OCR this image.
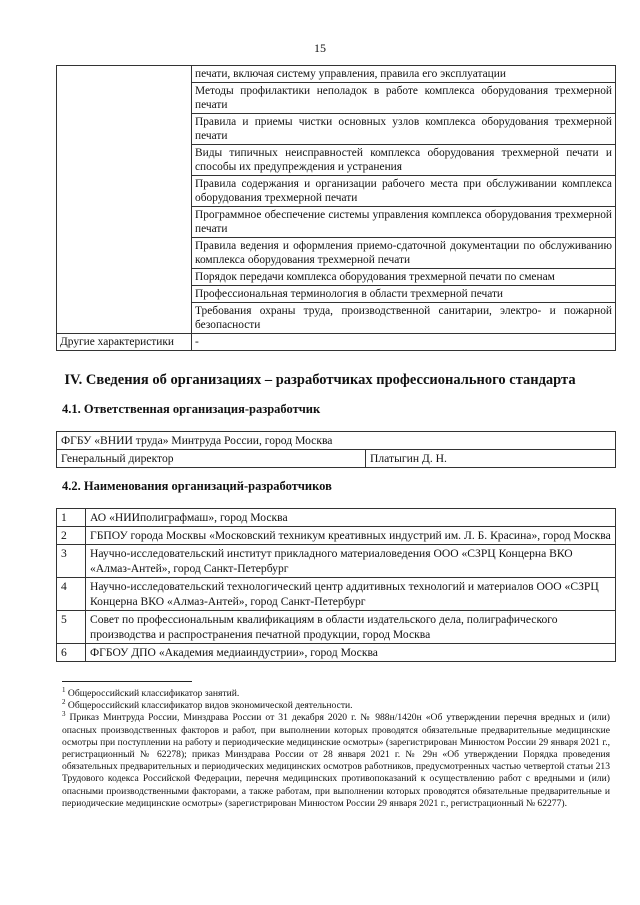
15
	печати, включая систему управления, правила его эксплуатации
	Методы профилактики неполадок в работе комплекса оборудования трехмерной печати
	Правила и приемы чистки основных узлов комплекса оборудования трехмерной печати
	Виды типичных неисправностей комплекса оборудования трехмерной печати и способы их предупреждения и устранения
	Правила содержания и организации рабочего места при обслуживании комплекса оборудования трехмерной печати
	Программное обеспечение системы управления комплекса оборудования трехмерной печати
	Правила ведения и оформления приемо-сдаточной документации по обслуживанию комплекса оборудования трехмерной печати
	Порядок передачи комплекса оборудования трехмерной печати по сменам
	Профессиональная терминология в области трехмерной печати
	Требования охраны труда, производственной санитарии, электро- и пожарной безопасности
Другие характеристики	-
IV. Сведения об организациях – разработчиках профессионального стандарта
4.1. Ответственная организация-разработчик
ФГБУ «ВНИИ труда» Минтруда России, город Москва
Генеральный директор	Платыгин Д. Н.
4.2. Наименования организаций-разработчиков
1	АО «НИИполиграфмаш», город Москва
2	ГБПОУ города Москвы «Московский техникум креативных индустрий им. Л. Б. Красина», город Москва
3	Научно-исследовательский институт прикладного материаловедения ООО «СЗРЦ Концерна ВКО «Алмаз-Антей», город Санкт-Петербург
4	Научно-исследовательский технологический центр аддитивных технологий и материалов ООО «СЗРЦ Концерна ВКО «Алмаз-Антей», город Санкт-Петербург
5	Совет по профессиональным квалификациям в области издательского дела, полиграфического производства и распространения печатной продукции, город Москва
6	ФГБОУ ДПО «Академия медиаиндустрии», город Москва

$^1$ Общероссийский классификатор занятий.

$^2$ Общероссийский классификатор видов экономической деятельности.

$^3$ Приказ Минтруда России, Минздрава России от 31 декабря 2020 г. № 988н/1420н «Об утверждении перечня вредных и (или) опасных производственных факторов и работ, при выполнении которых проводятся обязательные предварительные медицинские осмотры при поступлении на работу и периодические медицинские осмотры» (зарегистрирован Минюстом России 29 января 2021 г., регистрационный № 62278); приказ Минздрава России от 28 января 2021 г. № 29н «Об утверждении Порядка проведения обязательных предварительных и периодических медицинских осмотров работников, предусмотренных частью четвертой статьи 213 Трудового кодекса Российской Федерации, перечня медицинских противопоказаний к осуществлению работ с вредными и (или) опасными производственными факторами, а также работам, при выполнении которых проводятся обязательные предварительные и периодические медицинские осмотры» (зарегистрирован Минюстом России 29 января 2021 г., регистрационный № 62277).
